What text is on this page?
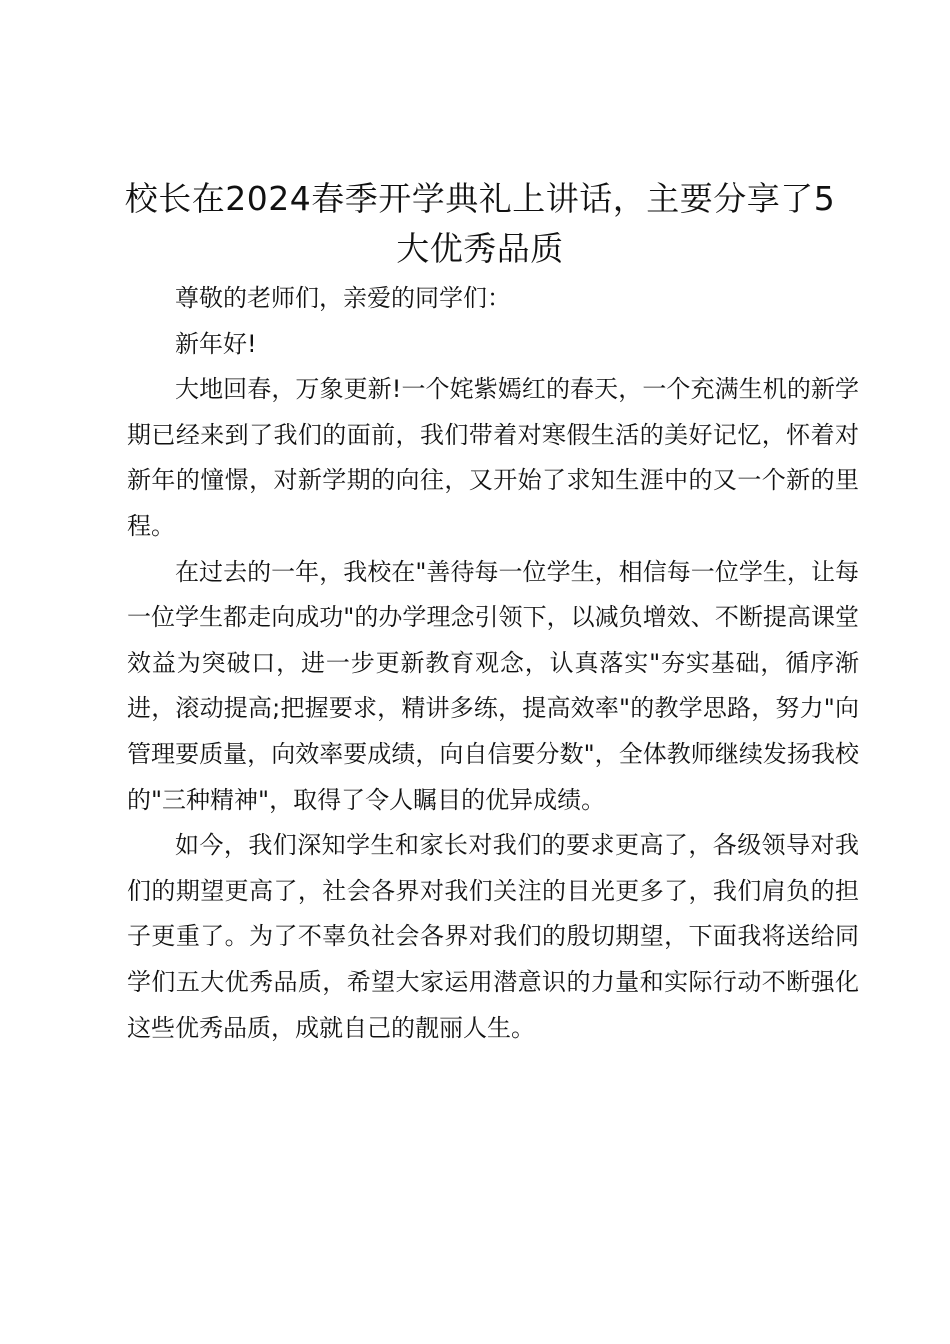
校长在2024春季开学典礼上讲话，主要分享了5大优秀品质

尊敬的老师们，亲爱的同学们：

新年好!

大地回春，万象更新!一个姹紫嫣红的春天，一个充满生机的新学期已经来到了我们的面前，我们带着对寒假生活的美好记忆，怀着对新年的憧憬，对新学期的向往，又开始了求知生涯中的又一个新的里程。

在过去的一年，我校在"善待每一位学生，相信每一位学生，让每一位学生都走向成功"的办学理念引领下，以减负增效、不断提高课堂效益为突破口，进一步更新教育观念，认真落实"夯实基础，循序渐进，滚动提高;把握要求，精讲多练，提高效率"的教学思路，努力"向管理要质量，向效率要成绩，向自信要分数"，全体教师继续发扬我校的"三种精神"，取得了令人瞩目的优异成绩。

如今，我们深知学生和家长对我们的要求更高了，各级领导对我们的期望更高了，社会各界对我们关注的目光更多了，我们肩负的担子更重了。为了不辜负社会各界对我们的殷切期望，下面我将送给同学们五大优秀品质，希望大家运用潜意识的力量和实际行动不断强化这些优秀品质，成就自己的靓丽人生。
